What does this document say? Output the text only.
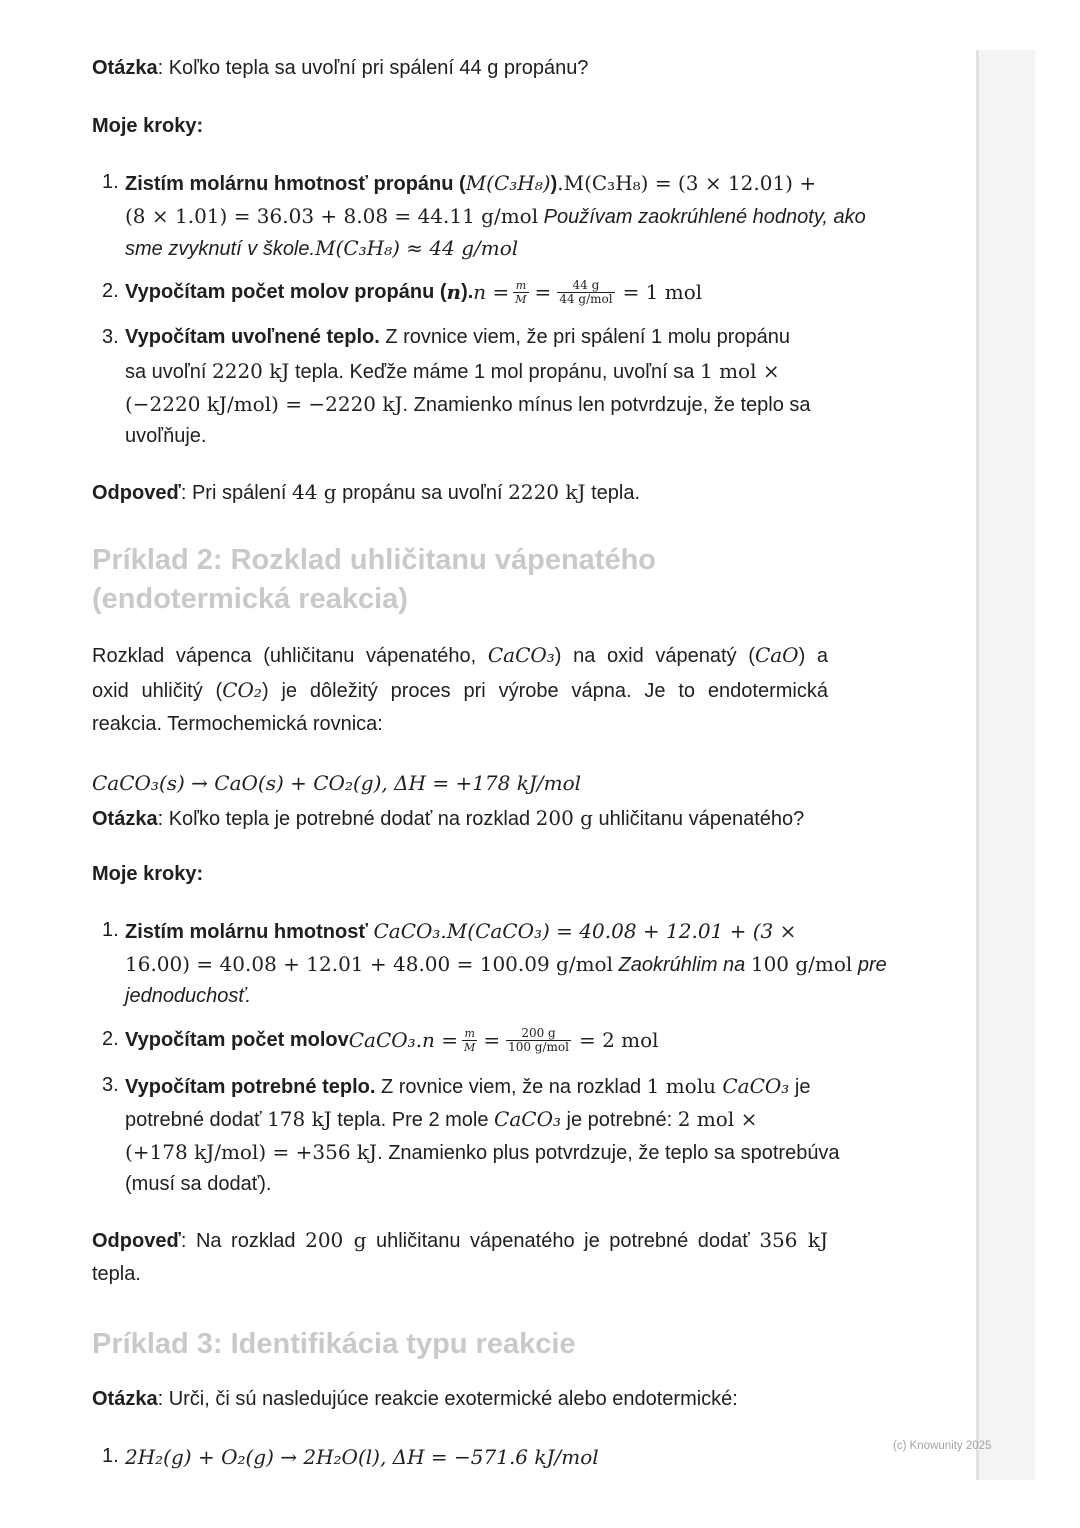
Otázka: Koľko tepla sa uvoľní pri spálení 44 g propánu?
Moje kroky:
1. Zistím molárnu hmotnosť propánu (M(C₃H₈)).M(C₃H₈) = (3 × 12.01) +
(8 × 1.01) = 36.03 + 8.08 = 44.11 g/mol Používam zaokrúhlené hodnoty, ako
sme zvyknutí v škole.M(C₃H₈) ≈ 44 g/mol
2. Vypočítam počet molov propánu ( n ). $n = \frac{m}{M} = \frac{44 g}{\text{44 g/mol}} = 1$ mol
3. Vypočítam uvoľnené teplo. Z rovnice viem, že pri spálení 1 molu propánu
sa uvoľní 2220 kJ tepla. Keďže máme 1 mol propánu, uvoľní sa 1 mol ×
(−2220 kJ/mol) = −2220 kJ. Znamienko mínus len potvrdzuje, že teplo sa
uvoľňuje.
Odpoveď: Pri spálení 44 g propánu sa uvoľní 2220 kJ tepla.
Príklad 2: Rozklad uhličitanu vápenatého
(endotermická reakcia)
Rozklad vápenca (uhličitanu vápenatého, CaCO₃) na oxid vápenatý (CaO) a
oxid uhličitý (CO₂) je dôležitý proces pri výrobe vápna. Je to endotermická
reakcia. Termochemická rovnica:
CaCO₃(s) → CaO(s) + CO₂(g), ΔH = +178 kJ/mol
Otázka: Koľko tepla je potrebné dodať na rozklad 200 g uhličitanu vápenatého?
Moje kroky:
1. Zistím molárnu hmotnosť CaCO₃.M(CaCO₃) = 40.08 + 12.01 + (3 ×
16.00) = 40.08 + 12.01 + 48.00 = 100.09 g/mol Zaokrúhlim na 100 g/mol pre
jednoduchosť.
2. Vypočítam počet molov CaCO₃.n = $\frac{m}{M} = \frac{200 g}{\text{100 g/mol}} = 2$ mol
3. Vypočítam potrebné teplo. Z rovnice viem, že na rozklad 1 molu CaCO₃ je
potrebné dodať 178 kJ tepla. Pre 2 mole CaCO₃ je potrebné: 2 mol ×
(+178 kJ/mol) = +356 kJ. Znamienko plus potvrdzuje, že teplo sa spotrebúva
(musí sa dodať).
Odpoveď: Na rozklad 200 g uhličitanu vápenatého je potrebné dodať 356 kJ
tepla.
Príklad 3: Identifikácia typu reakcie
Otázka: Urči, či sú nasledujúce reakcie exotermické alebo endotermické:
1. 2H₂(g) + O₂(g) → 2H₂O(l), ΔH = −571.6 kJ/mol	(c) Knowunity 2025
